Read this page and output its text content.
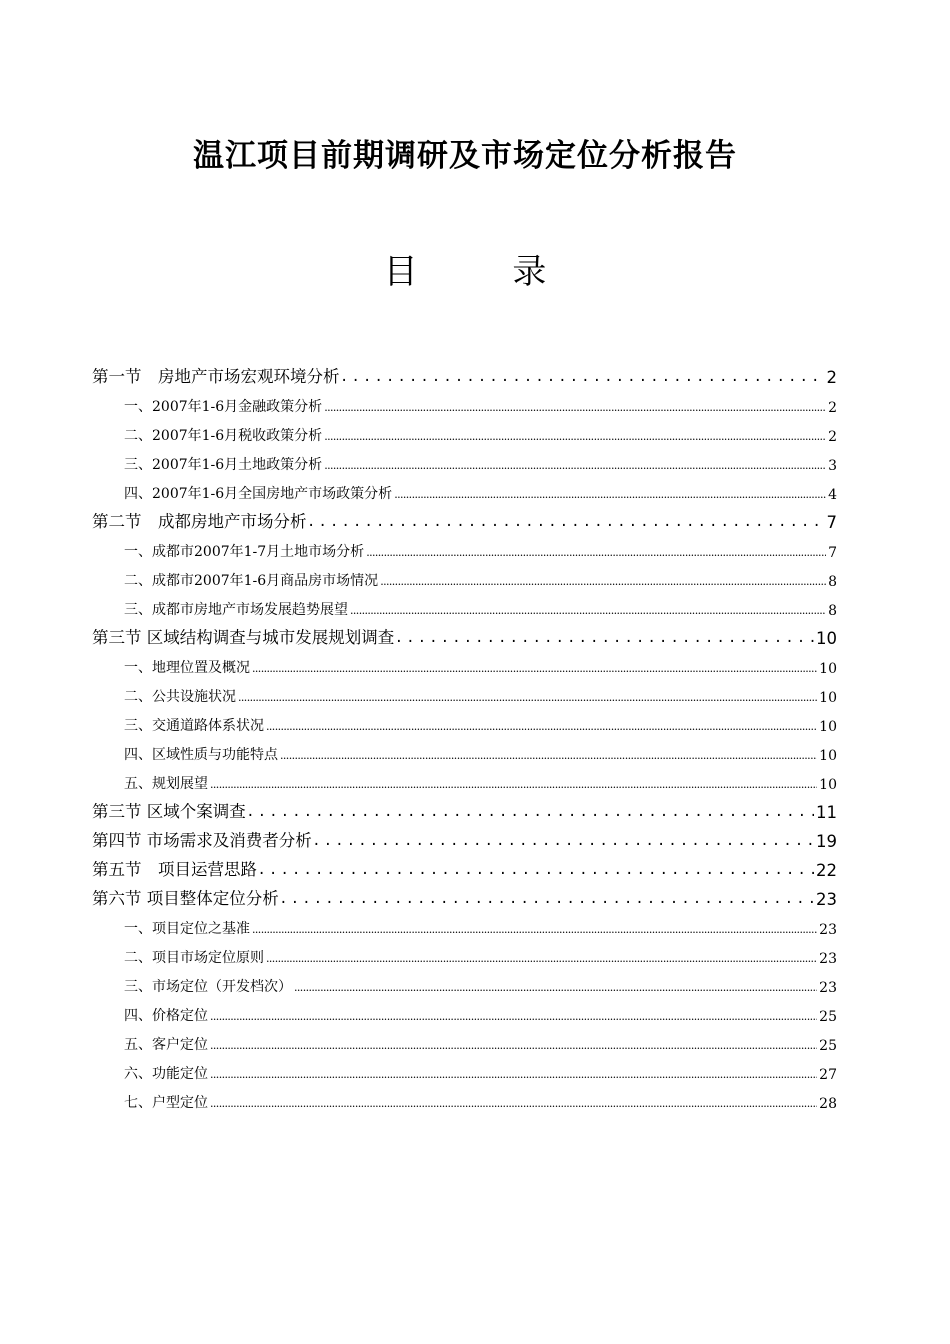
温江项目前期调研及市场定位分析报告
目 录
第一节　房地产市场宏观环境分析 . . .	2
一、2007年1-6月金融政策分析 .....	2
二、2007年1-6月税收政策分析 .....	2
三、2007年1-6月土地政策分析 .....	3
四、2007年1-6月全国房地产市场政策分析 .....	4
第二节　成都房地产市场分析 . . .	7
一、成都市2007年1-7月土地市场分析 .....	7
二、成都市2007年1-6月商品房市场情况 .....	8
三、成都市房地产市场发展趋势展望 .....	8
第三节 区域结构调查与城市发展规划调查 . . .	10
一、地理位置及概况 .....	10
二、公共设施状况 .....	10
三、交通道路体系状况 .....	10
四、区域性质与功能特点 .....	10
五、规划展望 .....	10
第三节 区域个案调查 . . .	11
第四节 市场需求及消费者分析 . . .	19
第五节　项目运营思路 . . .	22
第六节 项目整体定位分析 . . .	23
一、项目定位之基准 .....	23
二、项目市场定位原则 .....	23
三、市场定位（开发档次） .....	23
四、价格定位 .....	25
五、客户定位 .....	25
六、功能定位 .....	27
七、户型定位 .....	28
